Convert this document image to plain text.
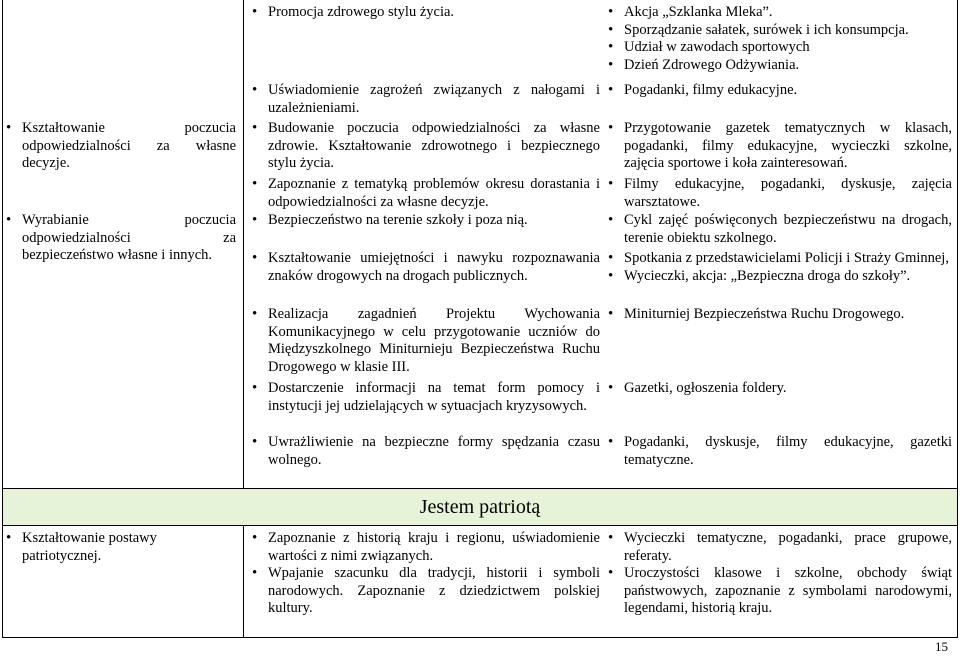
• Kształtowanie poczucia odpowiedzialności za własne decyzje.
• Wyrabianie poczucia odpowiedzialności za bezpieczeństwo własne i innych.
• Promocja zdrowego stylu życia.
• Uświadomienie zagrożeń związanych z nałogami i uzależnieniami.
• Budowanie poczucia odpowiedzialności za własne zdrowie. Kształtowanie zdrowotnego i bezpiecznego stylu życia.
• Zapoznanie z tematyką problemów okresu dorastania i odpowiedzialności za własne decyzje.
• Bezpieczeństwo na terenie szkoły i poza nią.
• Kształtowanie umiejętności i nawyku rozpoznawania znaków drogowych na drogach publicznych.
• Realizacja zagadnień Projektu Wychowania Komunikacyjnego w celu przygotowanie uczniów do Międzyszkolnego Miniturnieju Bezpieczeństwa Ruchu Drogowego w klasie III.
• Dostarczenie informacji na temat form pomocy i instytucji jej udzielających w sytuacjach kryzysowych.
• Uwrażliwienie na bezpieczne formy spędzania czasu wolnego.
• Akcja „Szklanka Mleka”.
• Sporządzanie sałatek, surówek i ich konsumpcja.
• Udział w zawodach sportowych
• Dzień Zdrowego Odżywiania.
• Pogadanki, filmy edukacyjne.
• Przygotowanie gazetek tematycznych w klasach, pogadanki, filmy edukacyjne, wycieczki szkolne, zajęcia sportowe i koła zainteresowań.
• Filmy edukacyjne, pogadanki, dyskusje, zajęcia warsztatowe.
• Cykl zajęć poświęconych bezpieczeństwu na drogach, terenie obiektu szkolnego.
• Spotkania z przedstawicielami Policji i Straży Gminnej,
• Wycieczki, akcja: „Bezpieczna droga do szkoły”.
• Miniturniej Bezpieczeństwa Ruchu Drogowego.
• Gazetki, ogłoszenia foldery.
• Pogadanki, dyskusje, filmy edukacyjne, gazetki tematyczne.
Jestem patriotą
• Kształtowanie postawy patriotycznej.
• Zapoznanie z historią kraju i regionu, uświadomienie wartości z nimi związanych.
• Wpajanie szacunku dla tradycji, historii i symboli narodowych. Zapoznanie z dziedzictwem polskiej kultury.
• Wycieczki tematyczne, pogadanki, prace grupowe, referaty.
• Uroczystości klasowe i szkolne, obchody świąt państwowych, zapoznanie z symbolami narodowymi, legendami, historią kraju.
15
